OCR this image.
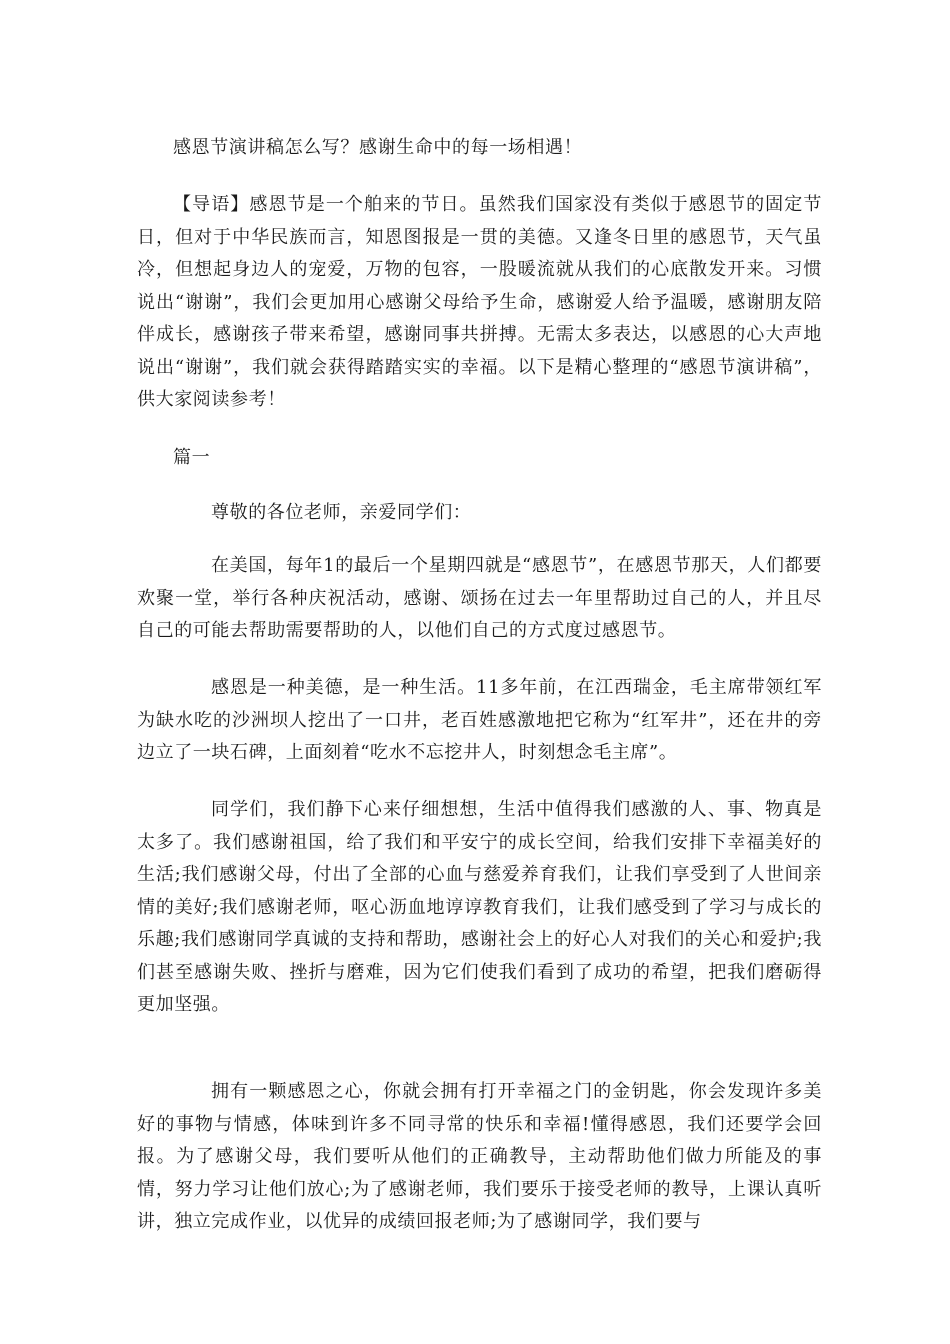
感恩节演讲稿怎么写？感谢生命中的每一场相遇！

【导语】感恩节是一个舶来的节日。虽然我们国家没有类似于感恩节的固定节日，但对于中华民族而言，知恩图报是一贯的美德。又逢冬日里的感恩节，天气虽冷，但想起身边人的宠爱，万物的包容，一股暖流就从我们的心底散发开来。习惯说出“谢谢”，我们会更加用心感谢父母给予生命，感谢爱人给予温暖，感谢朋友陪伴成长，感谢孩子带来希望，感谢同事共拼搏。无需太多表达，以感恩的心大声地说出“谢谢”，我们就会获得踏踏实实的幸福。以下是精心整理的“感恩节演讲稿”，供大家阅读参考！

篇一

尊敬的各位老师，亲爱同学们：

在美国，每年1的最后一个星期四就是“感恩节”，在感恩节那天，人们都要欢聚一堂，举行各种庆祝活动，感谢、颂扬在过去一年里帮助过自己的人，并且尽自己的可能去帮助需要帮助的人，以他们自己的方式度过感恩节。

感恩是一种美德，是一种生活。11多年前，在江西瑞金，毛主席带领红军为缺水吃的沙洲坝人挖出了一口井，老百姓感激地把它称为“红军井”，还在井的旁边立了一块石碑，上面刻着“吃水不忘挖井人，时刻想念毛主席”。

同学们，我们静下心来仔细想想，生活中值得我们感激的人、事、物真是太多了。我们感谢祖国，给了我们和平安宁的成长空间，给我们安排下幸福美好的生活;我们感谢父母，付出了全部的心血与慈爱养育我们，让我们享受到了人世间亲情的美好;我们感谢老师，呕心沥血地谆谆教育我们，让我们感受到了学习与成长的乐趣;我们感谢同学真诚的支持和帮助，感谢社会上的好心人对我们的关心和爱护;我们甚至感谢失败、挫折与磨难，因为它们使我们看到了成功的希望，把我们磨砺得更加坚强。

拥有一颗感恩之心，你就会拥有打开幸福之门的金钥匙，你会发现许多美好的事物与情感，体味到许多不同寻常的快乐和幸福!懂得感恩，我们还要学会回报。为了感谢父母，我们要听从他们的正确教导，主动帮助他们做力所能及的事情，努力学习让他们放心;为了感谢老师，我们要乐于接受老师的教导，上课认真听讲，独立完成作业，以优异的成绩回报老师;为了感谢同学，我们要与
